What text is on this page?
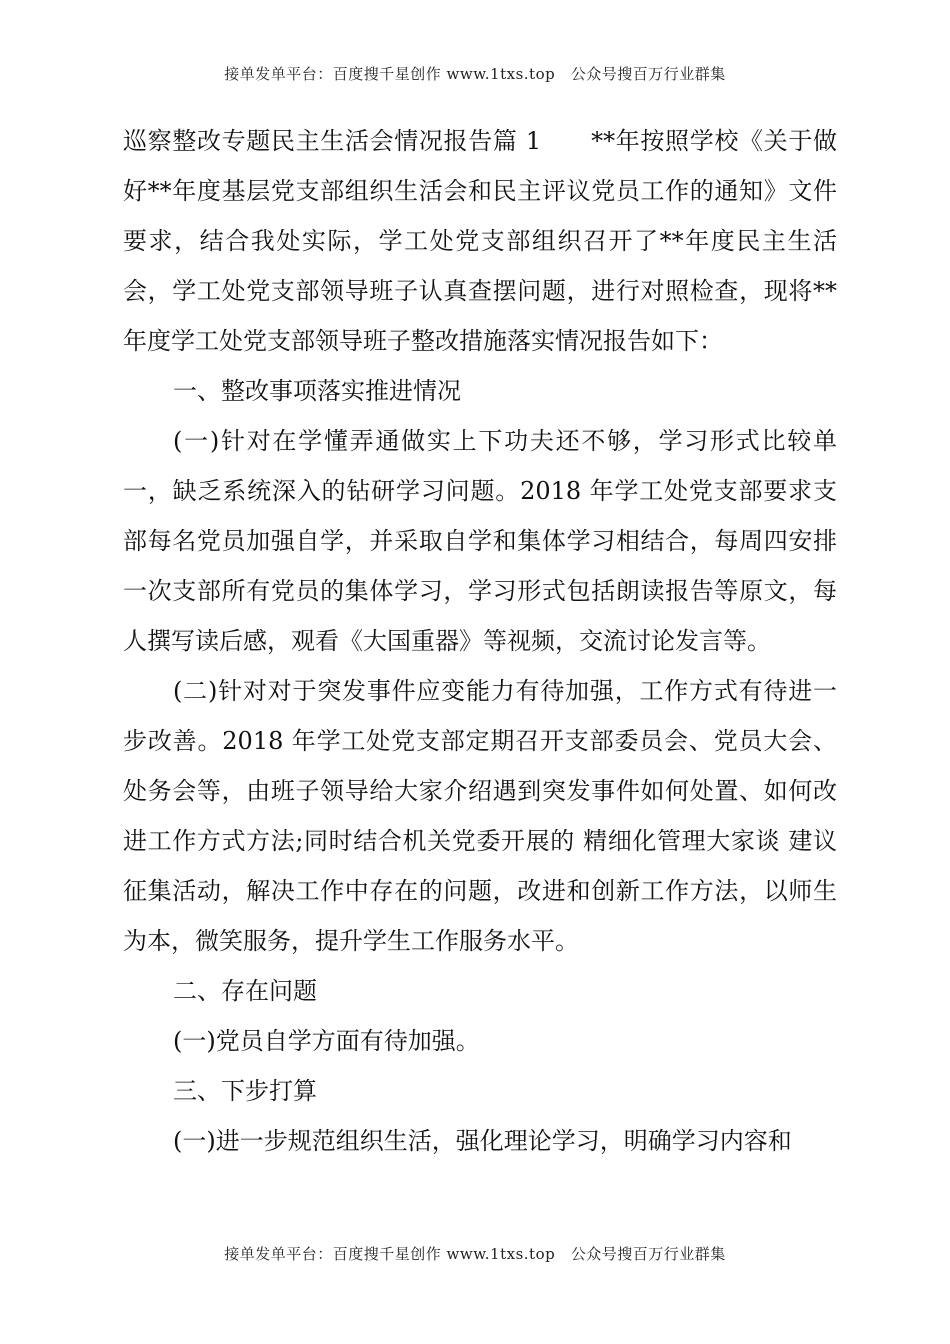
接单发单平台：百度搜千星创作 www.1txs.top　公众号搜百万行业群集

巡察整改专题民主生活会情况报告篇 1　　**年按照学校《关于做好**年度基层党支部组织生活会和民主评议党员工作的通知》文件要求，结合我处实际，学工处党支部组织召开了**年度民主生活会，学工处党支部领导班子认真查摆问题，进行对照检查，现将**年度学工处党支部领导班子整改措施落实情况报告如下：

一、整改事项落实推进情况

(一)针对在学懂弄通做实上下功夫还不够，学习形式比较单一，缺乏系统深入的钻研学习问题。2018 年学工处党支部要求支部每名党员加强自学，并采取自学和集体学习相结合，每周四安排一次支部所有党员的集体学习，学习形式包括朗读报告等原文，每人撰写读后感，观看《大国重器》等视频，交流讨论发言等。

(二)针对对于突发事件应变能力有待加强，工作方式有待进一步改善。2018 年学工处党支部定期召开支部委员会、党员大会、处务会等，由班子领导给大家介绍遇到突发事件如何处置、如何改进工作方式方法;同时结合机关党委开展的 精细化管理大家谈 建议征集活动，解决工作中存在的问题，改进和创新工作方法，以师生为本，微笑服务，提升学生工作服务水平。

二、存在问题

(一)党员自学方面有待加强。

三、下步打算

(一)进一步规范组织生活，强化理论学习，明确学习内容和

接单发单平台：百度搜千星创作 www.1txs.top　公众号搜百万行业群集
